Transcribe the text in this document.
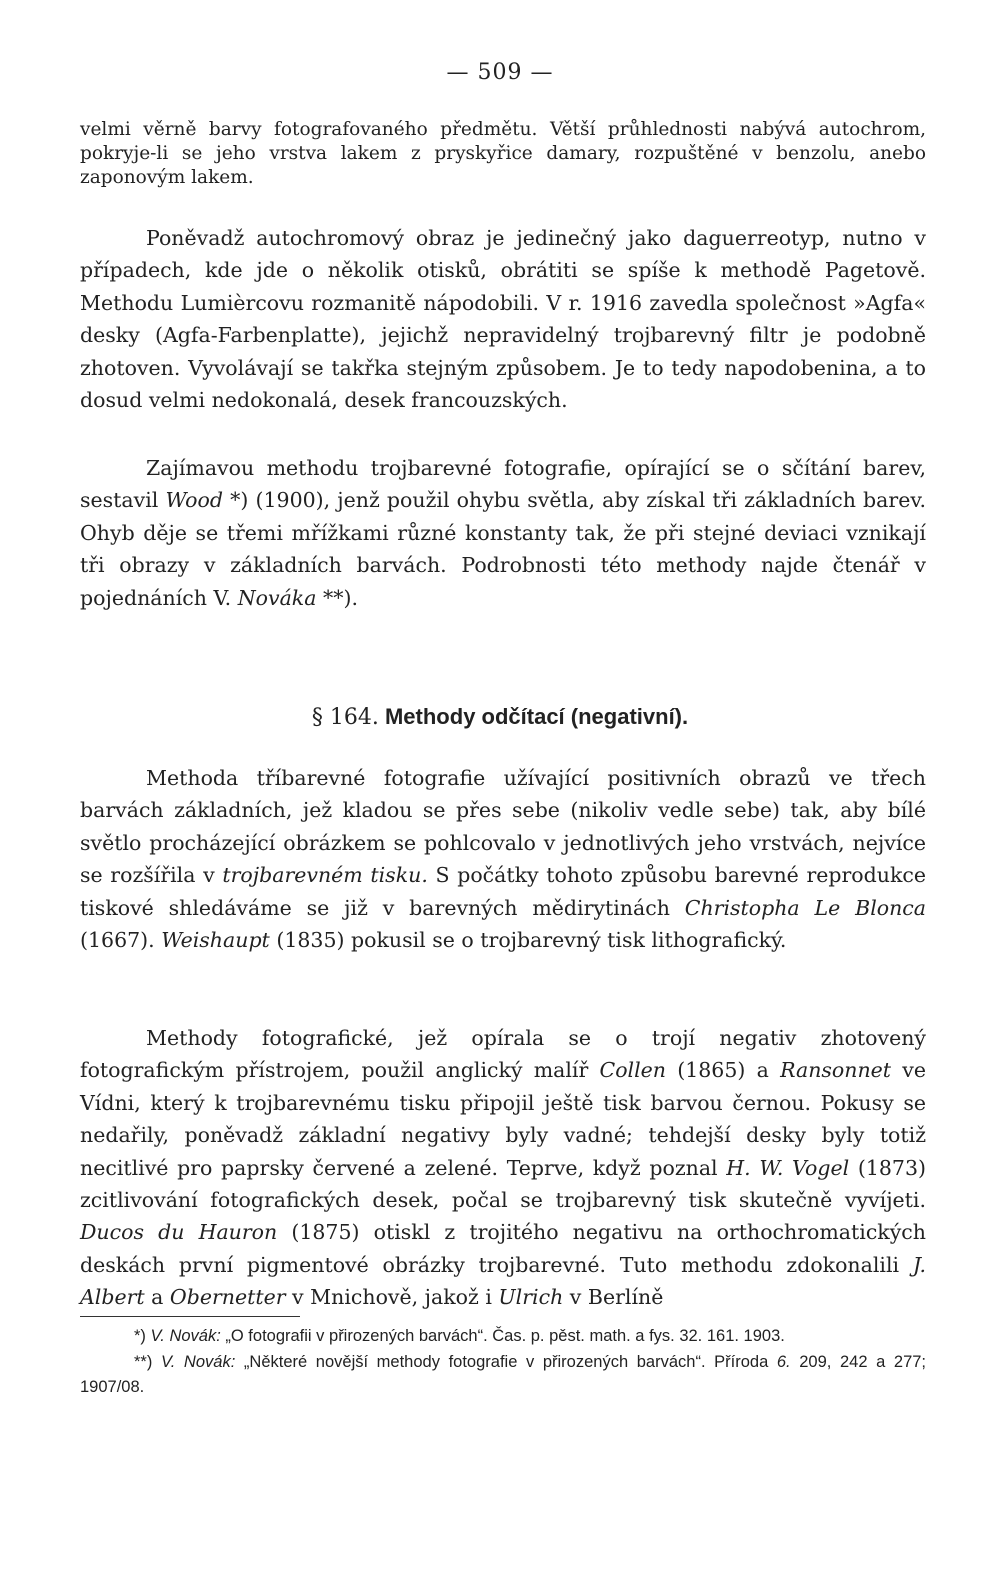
— 509 —

velmi věrně barvy fotografovaného předmětu. Větší průhlednosti nabývá autochrom, pokryje-li se jeho vrstva lakem z pryskyřice damary, rozpuštěné v benzolu, anebo zaponovým lakem.

Poněvadž autochromový obraz je jedinečný jako daguerreotyp, nutno v případech, kde jde o několik otisků, obrátiti se spíše k methodě Pagetově. Methodu Lumièrcovu rozmanitě nápodobili. V r. 1916 zavedla společnost »Agfa« desky (Agfa-Farbenplatte), jejichž nepravidelný trojbarevný filtr je podobně zhotoven. Vyvolávají se takřka stejným způsobem. Je to tedy napodobenina, a to dosud velmi nedokonalá, desek francouzských.

Zajímavou methodu trojbarevné fotografie, opírající se o sčítání barev, sestavil Wood *) (1900), jenž použil ohybu světla, aby získal tři základních barev. Ohyb děje se třemi mřížkami různé konstanty tak, že při stejné deviaci vznikají tři obrazy v základních barvách. Podrobnosti této methody najde čtenář v pojednáních V. Nováka **).

§ 164. Methody odčítací (negativní).

Methoda tříbarevné fotografie užívající positivních obrazů ve třech barvách základních, jež kladou se přes sebe (nikoliv vedle sebe) tak, aby bílé světlo procházející obrázkem se pohlcovalo v jednotlivých jeho vrstvách, nejvíce se rozšířila v trojbarevném tisku. S počátky tohoto způsobu barevné reprodukce tiskové shledáváme se již v barevných mědirytinách Christopha Le Blonca (1667). Weishaupt (1835) pokusil se o trojbarevný tisk lithografický.

Methody fotografické, jež opírala se o trojí negativ zhotovený fotografickým přístrojem, použil anglický malíř Collen (1865) a Ransonnet ve Vídni, který k trojbarevnému tisku připojil ještě tisk barvou černou. Pokusy se nedařily, poněvadž základní negativy byly vadné; tehdejší desky byly totiž necitlivé pro paprsky červené a zelené. Teprve, když poznal H. W. Vogel (1873) zcitlivování fotografických desek, počal se trojbarevný tisk skutečně vyvíjeti. Ducos du Hauron (1875) otiskl z trojitého negativu na orthochromatických deskách první pigmentové obrázky trojbarevné. Tuto methodu zdokonalili J. Albert a Obernetter v Mnichově, jakož i Ulrich v Berlíně

*) V. Novák: „O fotografii v přirozených barvách“. Čas. p. pěst. math. a fys. 32. 161. 1903.

**) V. Novák: „Některé novější methody fotografie v přirozených barvách“. Příroda 6. 209, 242 a 277; 1907/08.
